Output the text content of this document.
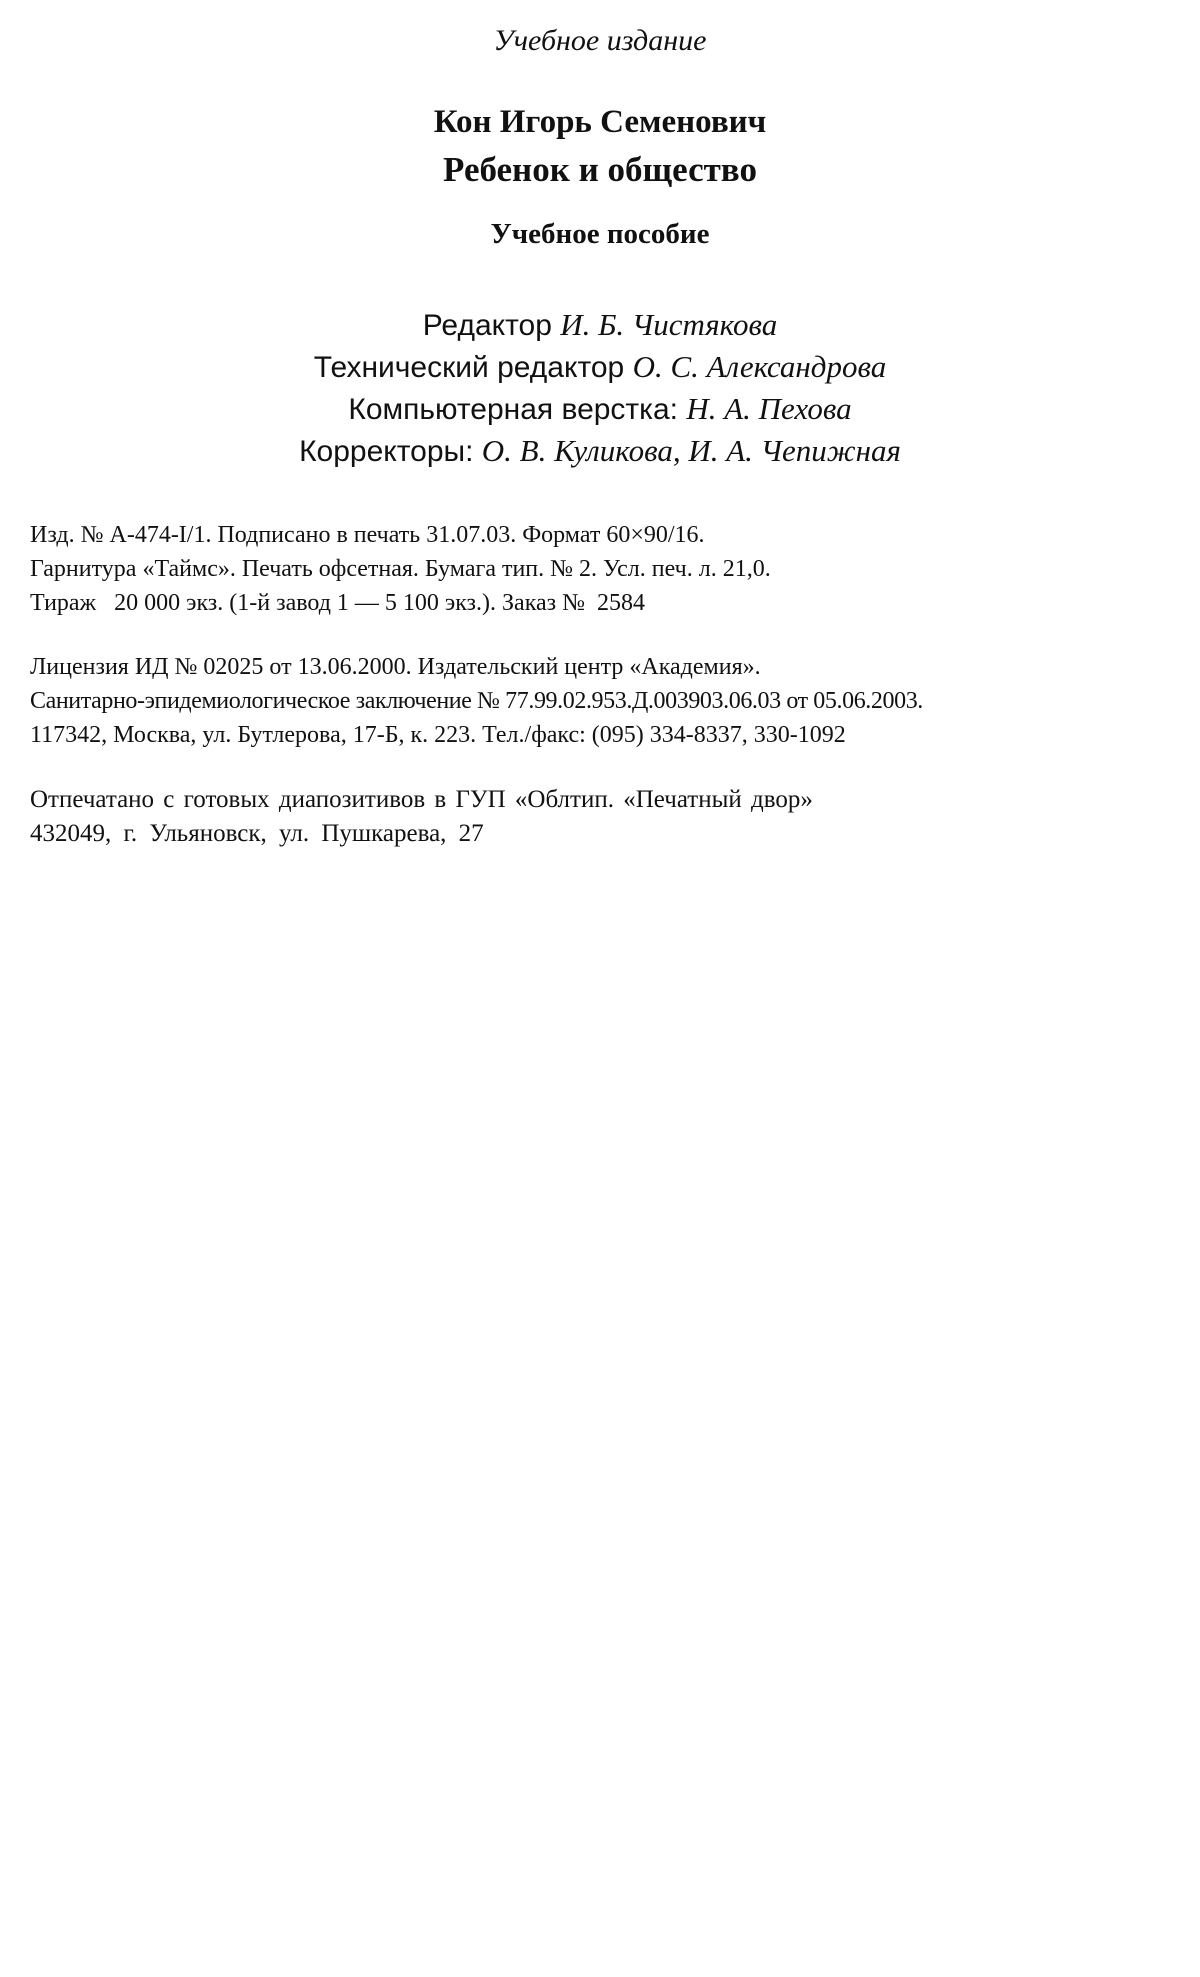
Учебное издание
Кон Игорь Семенович
Ребенок и общество
Учебное пособие
Редактор И. Б. Чистякова
Технический редактор О. С. Александрова
Компьютерная верстка: Н. А. Пехова
Корректоры: О. В. Куликова, И. А. Чепижная
Изд. № А-474-I/1. Подписано в печать 31.07.03. Формат 60×90/16.
Гарнитура «Таймс». Печать офсетная. Бумага тип. № 2. Усл. печ. л. 21,0.
Тираж   20 000 экз. (1-й завод 1 — 5 100 экз.). Заказ №  2584
Лицензия ИД № 02025 от 13.06.2000. Издательский центр «Академия».
Санитарно-эпидемиологическое заключение № 77.99.02.953.Д.003903.06.03 от 05.06.2003.
117342, Москва, ул. Бутлерова, 17-Б, к. 223. Тел./факс: (095) 334-8337, 330-1092
Отпечатано с готовых диапозитивов в ГУП «Облтип. «Печатный двор»
432049, г. Ульяновск, ул. Пушкарева, 27
